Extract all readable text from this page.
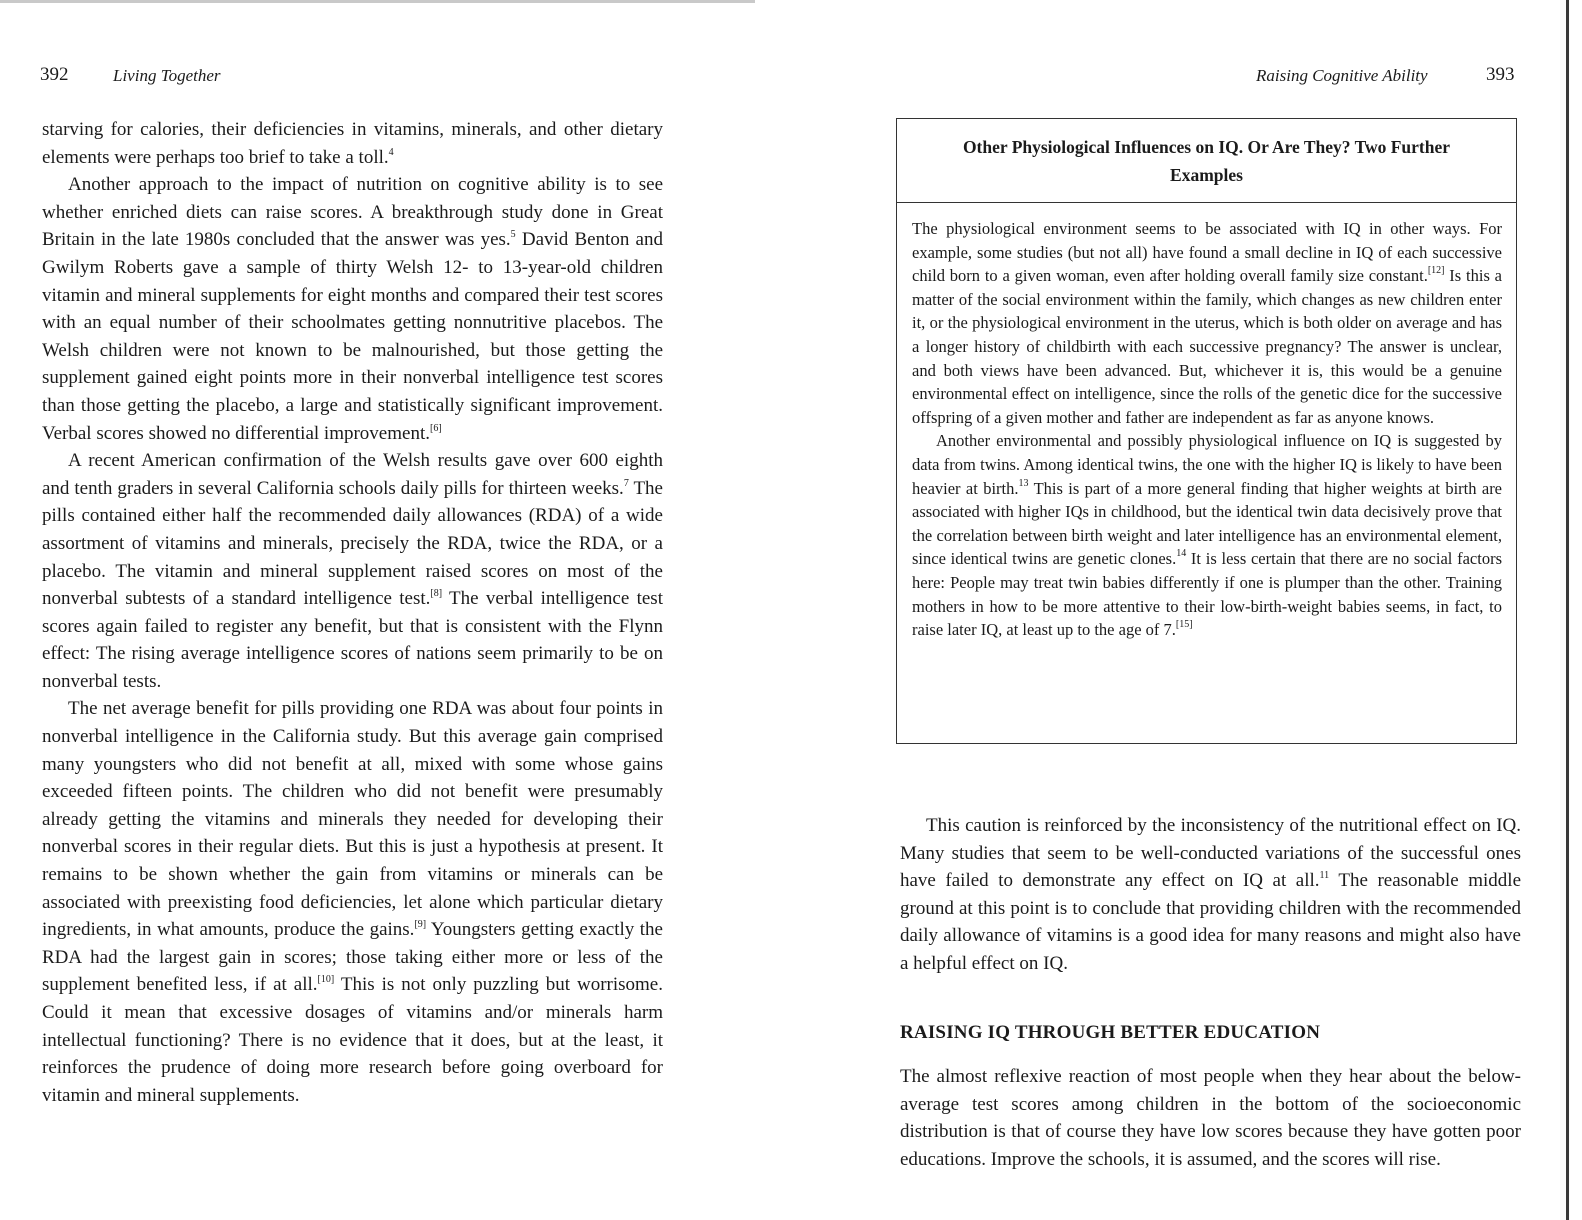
392	Living Together

starving for calories, their deficiencies in vitamins, minerals, and other dietary elements were perhaps too brief to take a toll.$^4$

Another approach to the impact of nutrition on cognitive ability is to see whether enriched diets can raise scores. A breakthrough study done in Great Britain in the late 1980s concluded that the answer was yes.$^5$ David Benton and Gwilym Roberts gave a sample of thirty Welsh 12- to 13-year-old children vitamin and mineral supplements for eight months and compared their test scores with an equal number of their schoolmates getting nonnutritive placebos. The Welsh children were not known to be malnourished, but those getting the supplement gained eight points more in their nonverbal intelligence test scores than those getting the placebo, a large and statistically significant improvement. Verbal scores showed no differential improvement.[6]

A recent American confirmation of the Welsh results gave over 600 eighth and tenth graders in several California schools daily pills for thirteen weeks.$^7$ The pills contained either half the recommended daily allowances (RDA) of a wide assortment of vitamins and minerals, precisely the RDA, twice the RDA, or a placebo. The vitamin and mineral supplement raised scores on most of the nonverbal subtests of a standard intelligence test.[8] The verbal intelligence test scores again failed to register any benefit, but that is consistent with the Flynn effect: The rising average intelligence scores of nations seem primarily to be on nonverbal tests.

The net average benefit for pills providing one RDA was about four points in nonverbal intelligence in the California study. But this average gain comprised many youngsters who did not benefit at all, mixed with some whose gains exceeded fifteen points. The children who did not benefit were presumably already getting the vitamins and minerals they needed for developing their nonverbal scores in their regular diets. But this is just a hypothesis at present. It remains to be shown whether the gain from vitamins or minerals can be associated with preexisting food deficiencies, let alone which particular dietary ingredients, in what amounts, produce the gains.[9] Youngsters getting exactly the RDA had the largest gain in scores; those taking either more or less of the supplement benefited less, if at all.[10] This is not only puzzling but worrisome. Could it mean that excessive dosages of vitamins and/or minerals harm intellectual functioning? There is no evidence that it does, but at the least, it reinforces the prudence of doing more research before going overboard for vitamin and mineral supplements.

Raising Cognitive Ability	393
Other Physiological Influences on IQ. Or Are They? Two Further Examples

The physiological environment seems to be associated with IQ in other ways. For example, some studies (but not all) have found a small decline in IQ of each successive child born to a given woman, even after holding overall family size constant.[12] Is this a matter of the social environment within the family, which changes as new children enter it, or the physiological environment in the uterus, which is both older on average and has a longer history of childbirth with each successive pregnancy? The answer is unclear, and both views have been advanced. But, whichever it is, this would be a genuine environmental effect on intelligence, since the rolls of the genetic dice for the successive offspring of a given mother and father are independent as far as anyone knows.

Another environmental and possibly physiological influence on IQ is suggested by data from twins. Among identical twins, the one with the higher IQ is likely to have been heavier at birth.$^{13}$ This is part of a more general finding that higher weights at birth are associated with higher IQs in childhood, but the identical twin data decisively prove that the correlation between birth weight and later intelligence has an environmental element, since identical twins are genetic clones.$^{14}$ It is less certain that there are no social factors here: People may treat twin babies differently if one is plumper than the other. Training mothers in how to be more attentive to their low-birth-weight babies seems, in fact, to raise later IQ, at least up to the age of 7.[15]

This caution is reinforced by the inconsistency of the nutritional effect on IQ. Many studies that seem to be well-conducted variations of the successful ones have failed to demonstrate any effect on IQ at all.$^{11}$ The reasonable middle ground at this point is to conclude that providing children with the recommended daily allowance of vitamins is a good idea for many reasons and might also have a helpful effect on IQ.

RAISING IQ THROUGH BETTER EDUCATION

The almost reflexive reaction of most people when they hear about the below-average test scores among children in the bottom of the socioeconomic distribution is that of course they have low scores because they have gotten poor educations. Improve the schools, it is assumed, and the scores will rise.
